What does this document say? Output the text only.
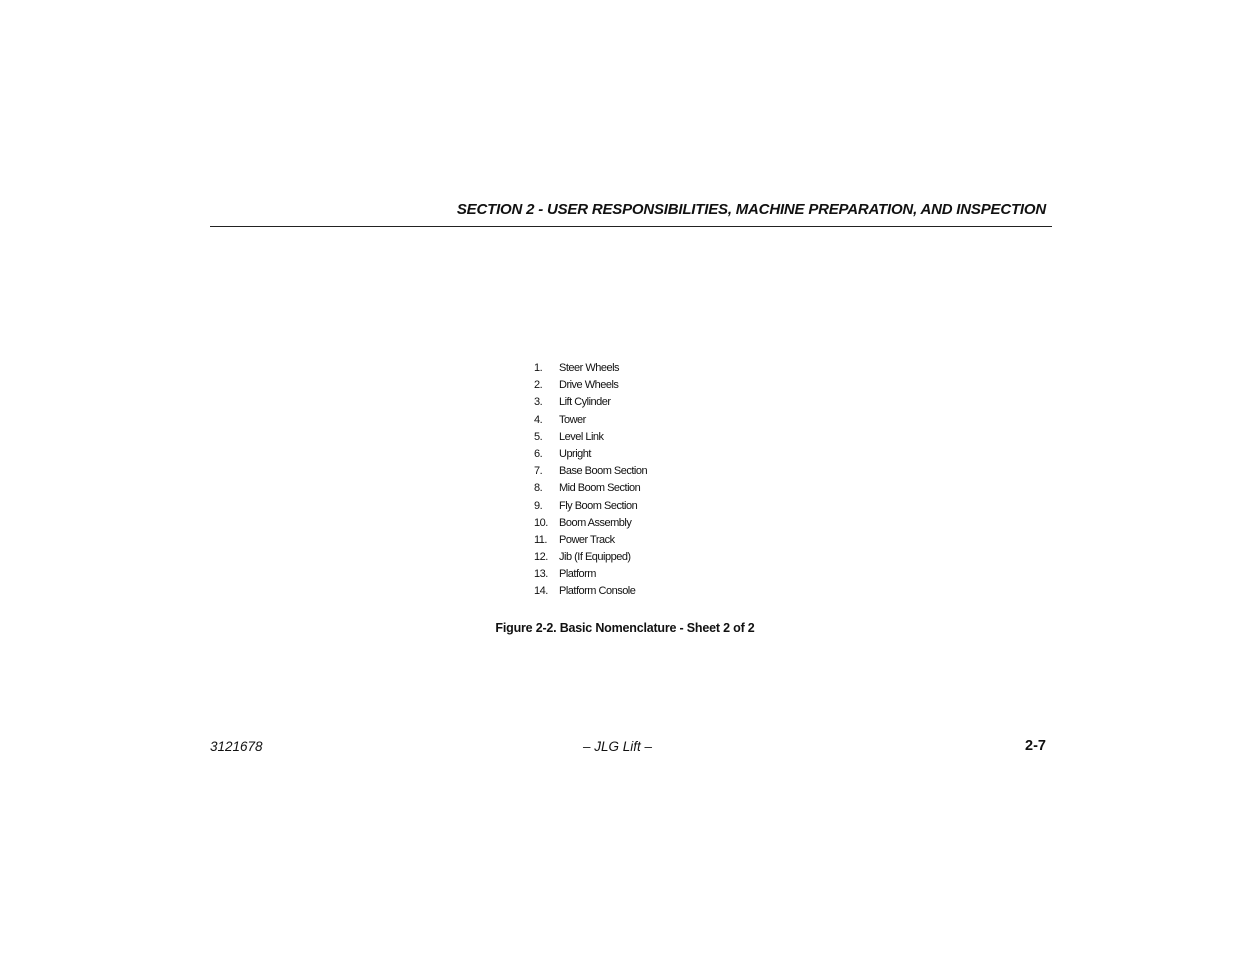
SECTION 2 - USER RESPONSIBILITIES, MACHINE PREPARATION, AND INSPECTION
1. Steer Wheels
2. Drive Wheels
3. Lift Cylinder
4. Tower
5. Level Link
6. Upright
7. Base Boom Section
8. Mid Boom Section
9. Fly Boom Section
10. Boom Assembly
11. Power Track
12. Jib (If Equipped)
13. Platform
14. Platform Console
Figure 2-2. Basic Nomenclature - Sheet 2 of 2
3121678	– JLG Lift –	2-7
